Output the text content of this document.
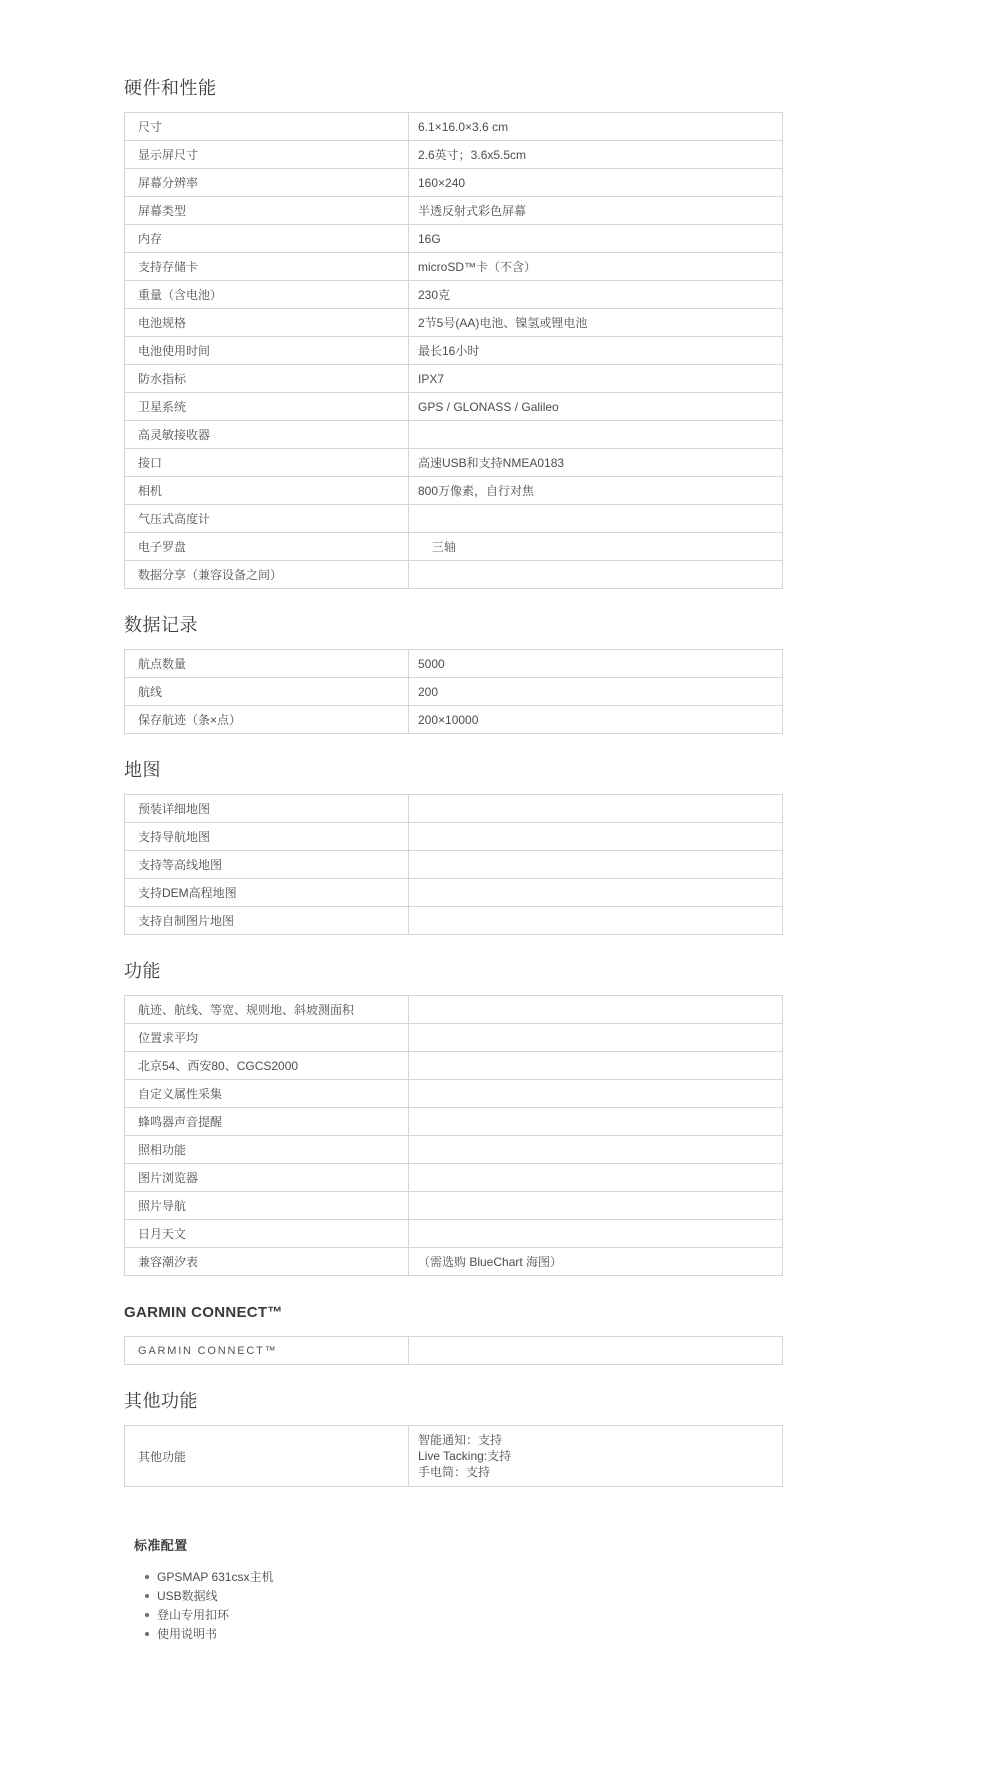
硬件和性能
尺寸	6.1×16.0×3.6 cm
显示屏尺寸	2.6英寸；3.6x5.5cm
屏幕分辨率	160×240
屏幕类型	半透反射式彩色屏幕
内存	16G
支持存储卡	microSD™卡（不含）
重量（含电池）	230克
电池规格	2节5号(AA)电池、镍氢或锂电池
电池使用时间	最长16小时
防水指标	IPX7
卫星系统	GPS / GLONASS / Galileo
高灵敏接收器	
接口	高速USB和支持NMEA0183
相机	800万像素，自行对焦
气压式高度计	
电子罗盘	三轴
数据分享（兼容设备之间）	
数据记录
航点数量	5000
航线	200
保存航迹（条×点）	200×10000
地图
预装详细地图	
支持导航地图	
支持等高线地图	
支持DEM高程地图	
支持自制图片地图	
功能
航迹、航线、等宽、规则地、斜坡测面积	
位置求平均	
北京54、西安80、CGCS2000	
自定义属性采集	
蜂鸣器声音提醒	
照相功能	
图片浏览器	
照片导航	
日月天文	
兼容潮汐表	（需选购 BlueChart 海图）
GARMIN CONNECT™
GARMIN CONNECT™	
其他功能
其他功能	
智能通知：支持
Live Tacking:支持
手电筒：支持
标准配置
GPSMAP 631csx主机
USB数据线
登山专用扣环
使用说明书
